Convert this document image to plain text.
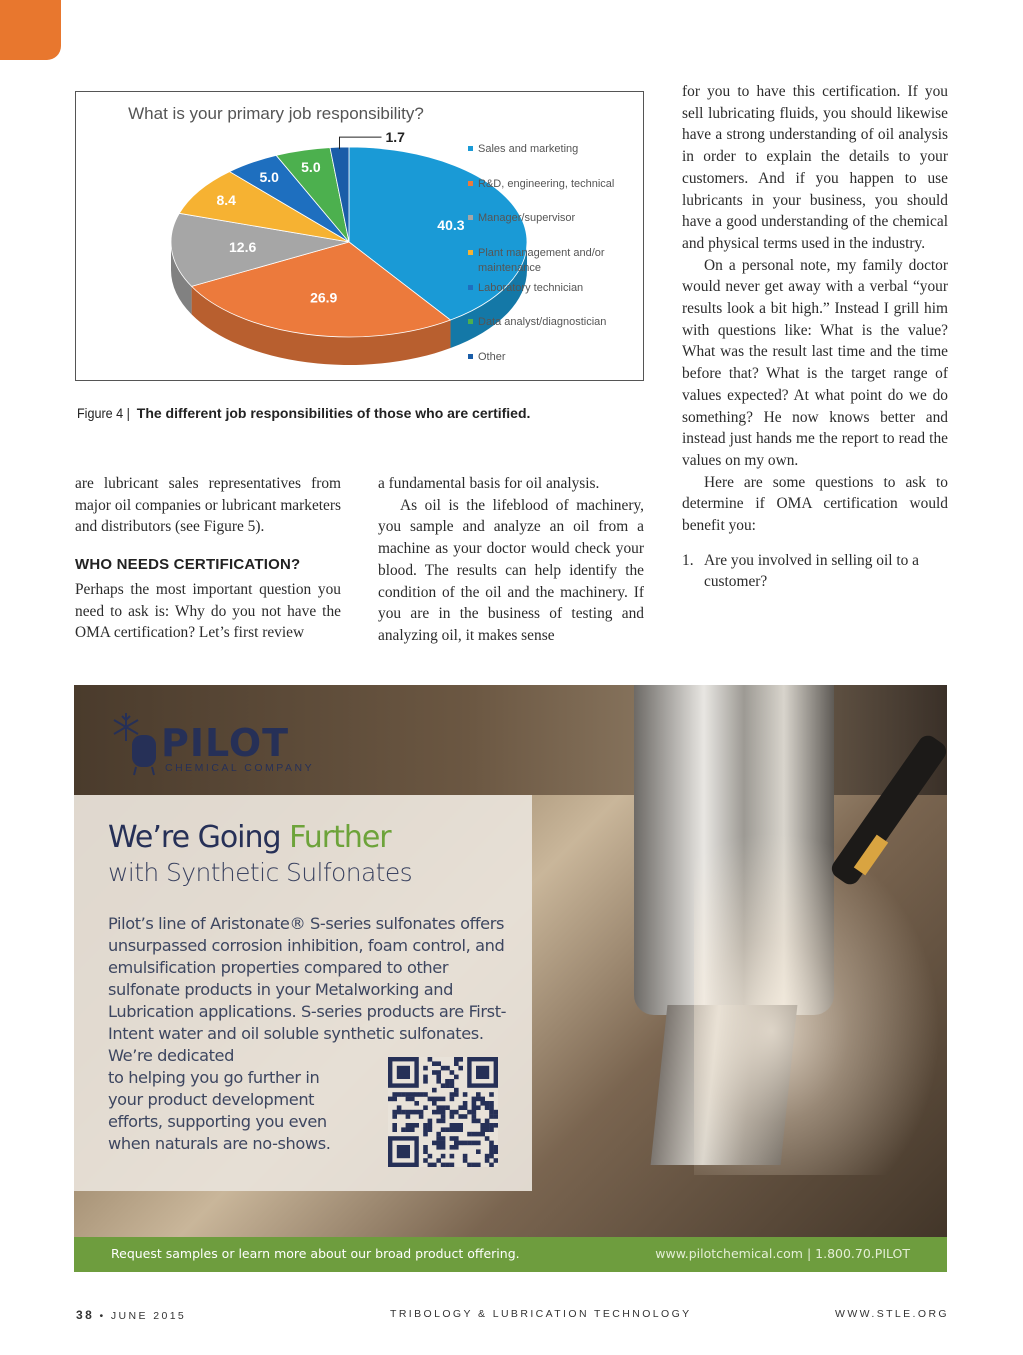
What is your primary job responsibility?
40.3
26.9
12.6
8.4
5.0
5.0
1.7
Sales and marketing
R&D, engineering, technical
Manager/supervisor
Plant management and/or
maintenance
Laboratory technician
Data analyst/diagnostician
Other
Figure 4 | The different job responsibilities of those who are certified.

are lubricant sales representatives from major oil companies or lubricant marketers and distributors (see Figure 5).

WHO NEEDS CERTIFICATION?

Perhaps the most important question you need to ask is: Why do you not have the OMA certification? Let’s first review

a fundamental basis for oil analysis.

As oil is the lifeblood of machinery, you sample and analyze an oil from a machine as your doctor would check your blood. The results can help identify the condition of the oil and the machinery. If you are in the business of testing and analyzing oil, it makes sense

for you to have this certification. If you sell lubricating fluids, you should likewise have a strong understanding of oil analysis in order to explain the details to your customers. And if you happen to use lubricants in your business, you should have a good understanding of the chemical and physical terms used in the industry.

On a personal note, my family doctor would never get away with a verbal “your results look a bit high.” Instead I grill him with questions like: What is the value? What was the result last time and the time before that? What is the target range of values expected? At what point do we do something? He now knows better and instead just hands me the report to read the values on my own.

Here are some questions to ask to determine if OMA certification would benefit you:

1. Are you involved in selling oil to a customer?
PILOT
CHEMICAL COMPANY
We’re Going Further
with Synthetic Sulfonates
Pilot’s line of Aristonate® S-series sulfonates offers unsurpassed corrosion inhibition, foam control, and emulsification properties compared to other sulfonate products in your Metalworking and Lubrication applications. S-series products are First-Intent water and oil soluble synthetic sulfonates. We’re dedicated
to helping you go further in your product development efforts, supporting you even when naturals are no-shows.
Request samples or learn more about our broad product offering.	www.pilotchemical.com | 1.800.70.PILOT
38 • JUNE 2015	TRIBOLOGY & LUBRICATION TECHNOLOGY	WWW.STLE.ORG
